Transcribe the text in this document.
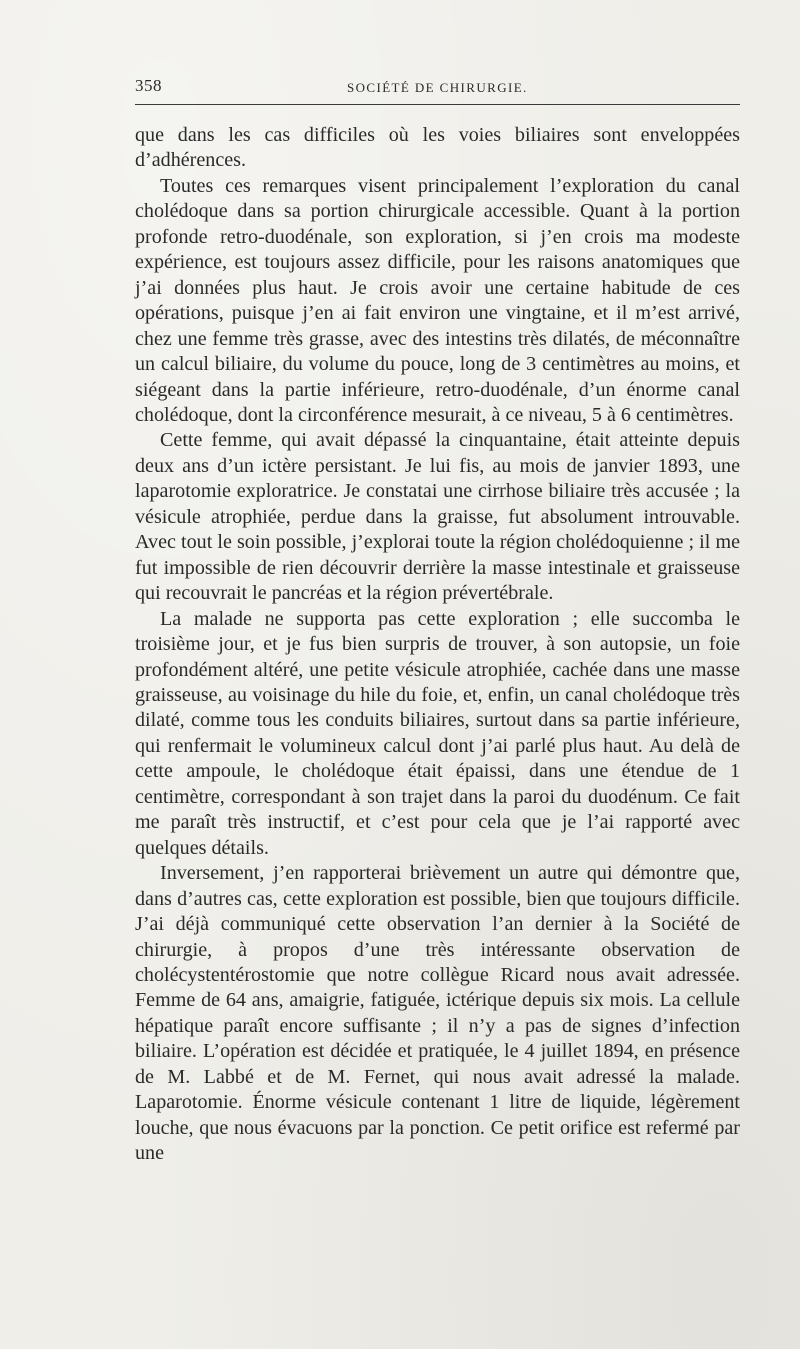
358	SOCIÉTÉ DE CHIRURGIE.

que dans les cas difficiles où les voies biliaires sont enveloppées d’adhérences.

Toutes ces remarques visent principalement l’exploration du canal cholédoque dans sa portion chirurgicale accessible. Quant à la portion profonde retro-duodénale, son exploration, si j’en crois ma modeste expérience, est toujours assez difficile, pour les raisons anatomiques que j’ai données plus haut. Je crois avoir une certaine habitude de ces opérations, puisque j’en ai fait environ une vingtaine, et il m’est arrivé, chez une femme très grasse, avec des intestins très dilatés, de méconnaître un calcul biliaire, du volume du pouce, long de 3 centimètres au moins, et siégeant dans la partie inférieure, retro-duodénale, d’un énorme canal cholédoque, dont la circonférence mesurait, à ce niveau, 5 à 6 centimètres.

Cette femme, qui avait dépassé la cinquantaine, était atteinte depuis deux ans d’un ictère persistant. Je lui fis, au mois de janvier 1893, une laparotomie exploratrice. Je constatai une cirrhose biliaire très accusée ; la vésicule atrophiée, perdue dans la graisse, fut absolument introuvable. Avec tout le soin possible, j’explorai toute la région cholédoquienne ; il me fut impossible de rien découvrir derrière la masse intestinale et graisseuse qui recouvrait le pancréas et la région prévertébrale.

La malade ne supporta pas cette exploration ; elle succomba le troisième jour, et je fus bien surpris de trouver, à son autopsie, un foie profondément altéré, une petite vésicule atrophiée, cachée dans une masse graisseuse, au voisinage du hile du foie, et, enfin, un canal cholédoque très dilaté, comme tous les conduits biliaires, surtout dans sa partie inférieure, qui renfermait le volumineux calcul dont j’ai parlé plus haut. Au delà de cette ampoule, le cholédoque était épaissi, dans une étendue de 1 centimètre, correspondant à son trajet dans la paroi du duodénum. Ce fait me paraît très instructif, et c’est pour cela que je l’ai rapporté avec quelques détails.

Inversement, j’en rapporterai brièvement un autre qui démontre que, dans d’autres cas, cette exploration est possible, bien que toujours difficile. J’ai déjà communiqué cette observation l’an dernier à la Société de chirurgie, à propos d’une très intéressante observation de cholécystentérostomie que notre collègue Ricard nous avait adressée. Femme de 64 ans, amaigrie, fatiguée, ictérique depuis six mois. La cellule hépatique paraît encore suffisante ; il n’y a pas de signes d’infection biliaire. L’opération est décidée et pratiquée, le 4 juillet 1894, en présence de M. Labbé et de M. Fernet, qui nous avait adressé la malade. Laparotomie. Énorme vésicule contenant 1 litre de liquide, légèrement louche, que nous évacuons par la ponction. Ce petit orifice est refermé par une
